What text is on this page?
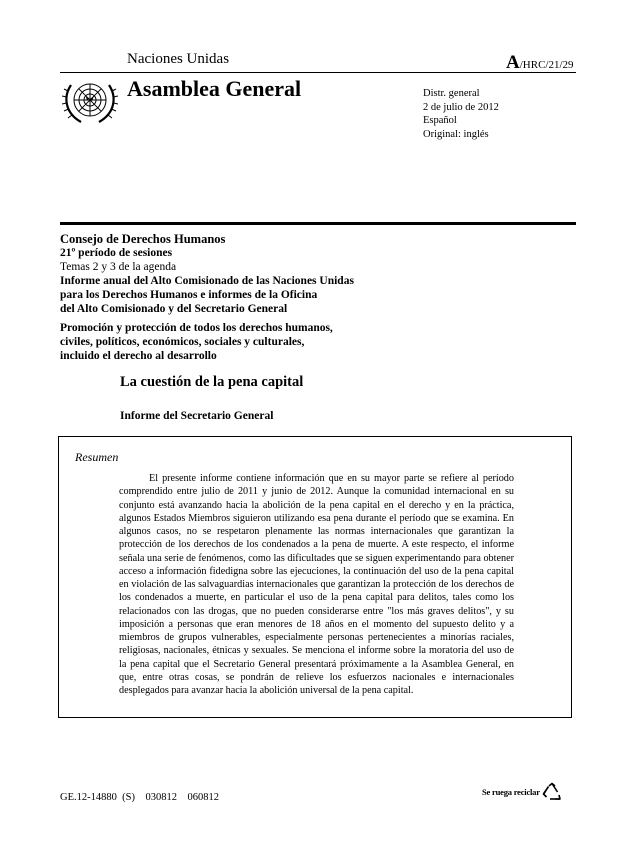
Naciones Unidas	A/HRC/21/29
Asamblea General	Distr. general
2 de julio de 2012
Español
Original: inglés
Consejo de Derechos Humanos
21º período de sesiones
Temas 2 y 3 de la agenda
Informe anual del Alto Comisionado de las Naciones Unidas
para los Derechos Humanos e informes de la Oficina
del Alto Comisionado y del Secretario General
Promoción y protección de todos los derechos humanos,
civiles, políticos, económicos, sociales y culturales,
incluido el derecho al desarrollo
La cuestión de la pena capital
Informe del Secretario General
Resumen
El presente informe contiene información que en su mayor parte se refiere al período comprendido entre julio de 2011 y junio de 2012. Aunque la comunidad internacional en su conjunto está avanzando hacia la abolición de la pena capital en el derecho y en la práctica, algunos Estados Miembros siguieron utilizando esa pena durante el período que se examina. En algunos casos, no se respetaron plenamente las normas internacionales que garantizan la protección de los derechos de los condenados a la pena de muerte. A este respecto, el informe señala una serie de fenómenos, como las dificultades que se siguen experimentando para obtener acceso a información fidedigna sobre las ejecuciones, la continuación del uso de la pena capital en violación de las salvaguardias internacionales que garantizan la protección de los derechos de los condenados a muerte, en particular el uso de la pena capital para delitos, tales como los relacionados con las drogas, que no pueden considerarse entre "los más graves delitos", y su imposición a personas que eran menores de 18 años en el momento del supuesto delito y a miembros de grupos vulnerables, especialmente personas pertenecientes a minorías raciales, religiosas, nacionales, étnicas y sexuales. Se menciona el informe sobre la moratoria del uso de la pena capital que el Secretario General presentará próximamente a la Asamblea General, en que, entre otras cosas, se pondrán de relieve los esfuerzos nacionales e internacionales desplegados para avanzar hacia la abolición universal de la pena capital.
GE.12-14880  (S)    030812    060812	Se ruega reciclar
